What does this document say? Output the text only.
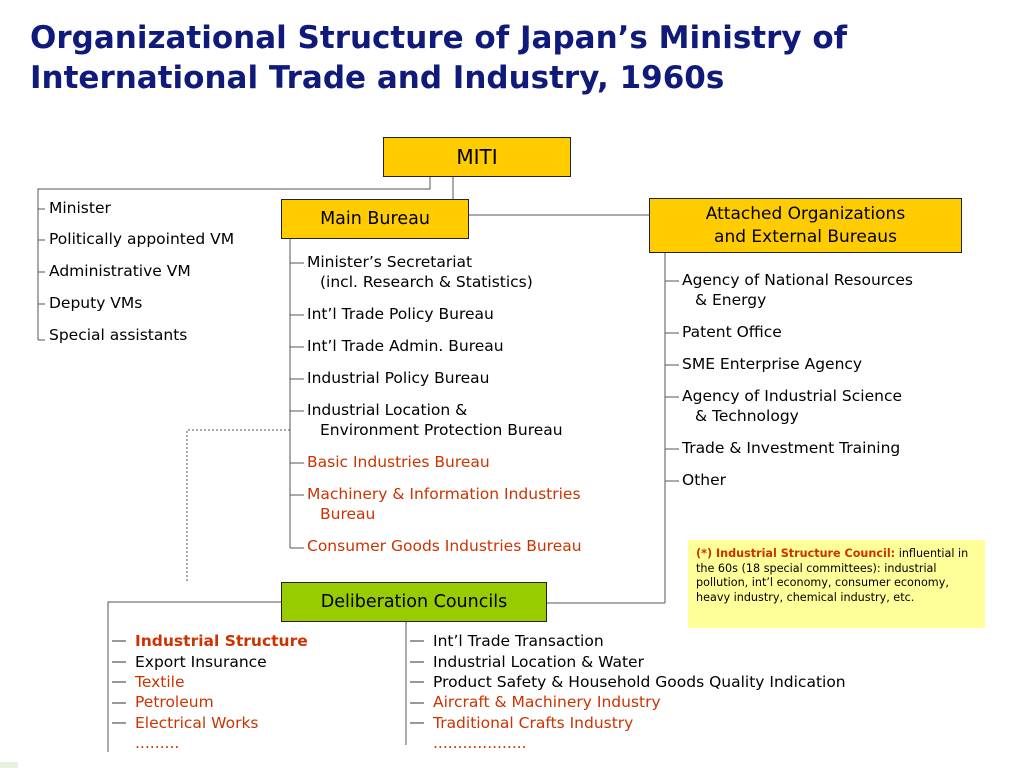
Organizational Structure of Japan’s Ministry of
International Trade and Industry, 1960s
MITI
Main Bureau	Attached Organizations
and External Bureaus
Deliberation Councils
Minister
Politically appointed VM
Administrative VM
Deputy VMs
Special assistants
Minister’s Secretariat
(incl. Research & Statistics)
Int’l Trade Policy Bureau
Int’l Trade Admin. Bureau
Industrial Policy Bureau
Industrial Location &
Environment Protection Bureau
Basic Industries Bureau
Machinery & Information Industries
Bureau
Consumer Goods Industries Bureau
Agency of National Resources
& Energy
Patent Office
SME Enterprise Agency
Agency of Industrial Science
& Technology
Trade & Investment Training
Other
Industrial Structure
Export Insurance
Textile
Petroleum
Electrical Works
.........
Int’l Trade Transaction
Industrial Location & Water
Product Safety & Household Goods Quality Indication
Aircraft & Machinery Industry
Traditional Crafts Industry
...................
(*) Industrial Structure Council: influential in the 60s (18 special committees): industrial pollution, int’l economy, consumer economy, heavy industry, chemical industry, etc.
